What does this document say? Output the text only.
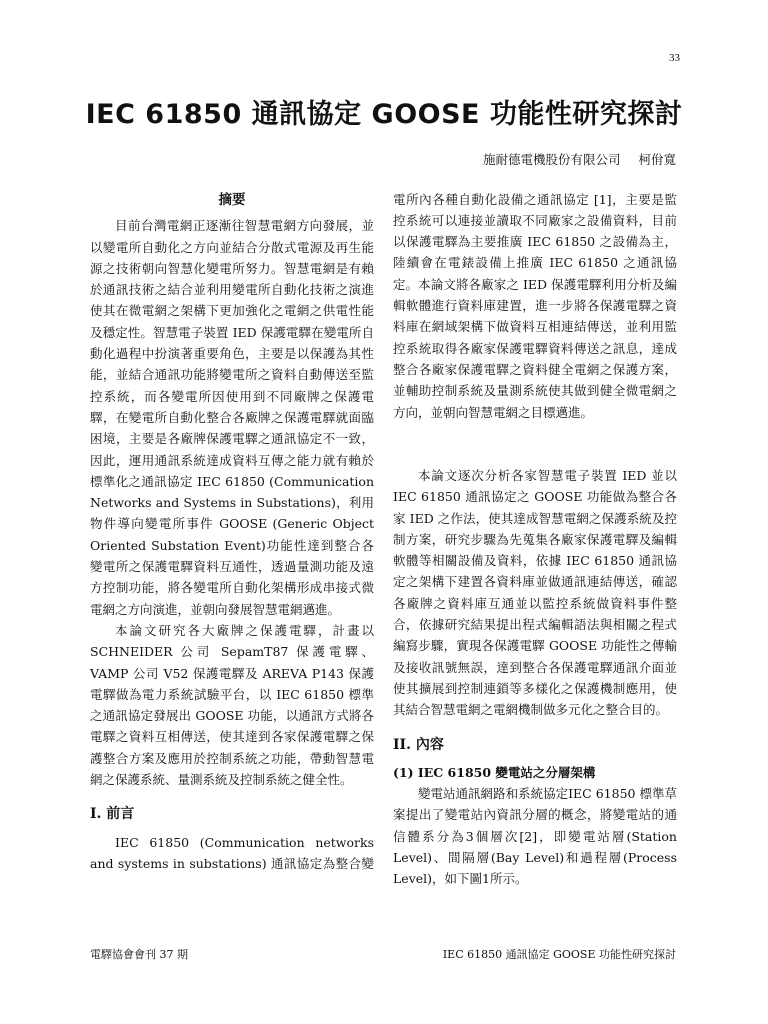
33
IEC 61850 通訊協定 GOOSE 功能性研究探討
施耐德電機股份有限公司 柯佾寬
摘要

目前台灣電網正逐漸往智慧電網方向發展，並以變電所自動化之方向並結合分散式電源及再生能源之技術朝向智慧化變電所努力。智慧電網是有賴於通訊技術之結合並利用變電所自動化技術之演進使其在微電網之架構下更加強化之電網之供電性能及穩定性。智慧電子裝置 IED 保護電驛在變電所自動化過程中扮演著重要角色，主要是以保護為其性能，並結合通訊功能將變電所之資料自動傳送至監控系統，而各變電所因使用到不同廠牌之保護電驛，在變電所自動化整合各廠牌之保護電驛就面臨困境，主要是各廠牌保護電驛之通訊協定不一致，因此，運用通訊系統達成資料互傳之能力就有賴於標準化之通訊協定 IEC 61850 (Communication Networks and Systems in Substations)，利用物件導向變電所事件 GOOSE (Generic Object Oriented Substation Event)功能性達到整合各變電所之保護電驛資料互通性，透過量測功能及遠方控制功能，將各變電所自動化架構形成串接式微電網之方向演進，並朝向發展智慧電網邁進。

本論文研究各大廠牌之保護電驛，計畫以 SCHNEIDER 公司 SepamT87 保護電驛、VAMP 公司 V52 保護電驛及 AREVA P143 保護電驛做為電力系統試驗平台，以 IEC 61850 標準之通訊協定發展出 GOOSE 功能，以通訊方式將各電驛之資料互相傳送，使其達到各家保護電驛之保護整合方案及應用於控制系統之功能，帶動智慧電網之保護系統、量測系統及控制系統之健全性。

I. 前言

IEC 61850 (Communication networks and systems in substations) 通訊協定為整合變

電所內各種自動化設備之通訊協定 [1]，主要是監控系統可以連接並讀取不同廠家之設備資料，目前以保護電驛為主要推廣 IEC 61850 之設備為主，陸續會在電錶設備上推廣 IEC 61850 之通訊協定。本論文將各廠家之 IED 保護電驛利用分析及編輯軟體進行資料庫建置，進一步將各保護電驛之資料庫在網域架構下做資料互相連結傳送，並利用監控系統取得各廠家保護電驛資料傳送之訊息，達成整合各廠家保護電驛之資料健全電網之保護方案，並輔助控制系統及量測系統使其做到健全微電網之方向，並朝向智慧電網之目標邁進。

本論文逐次分析各家智慧電子裝置 IED 並以 IEC 61850 通訊協定之 GOOSE 功能做為整合各家 IED 之作法，使其達成智慧電網之保護系統及控制方案，研究步驟為先蒐集各廠家保護電驛及編輯軟體等相關設備及資料，依據 IEC 61850 通訊協定之架構下建置各資料庫並做通訊連結傳送，確認各廠牌之資料庫互通並以監控系統做資料事件整合，依據研究結果提出程式編輯語法與相關之程式編寫步驟，實現各保護電驛 GOOSE 功能性之傳輸及接收訊號無誤，達到整合各保護電驛通訊介面並使其擴展到控制連鎖等多樣化之保護機制應用，使其結合智慧電網之電網機制做多元化之整合目的。

II. 內容
(1) IEC 61850 變電站之分層架構

變電站通訊網路和系統協定IEC 61850 標準草案提出了變電站內資訊分層的概念，將變電站的通信體系分為3個層次[2]，即變電站層(Station Level)、間隔層(Bay Level)和過程層(Process Level)，如下圖1所示。

電驛協會會刊 37 期	IEC 61850 通訊協定 GOOSE 功能性研究探討
